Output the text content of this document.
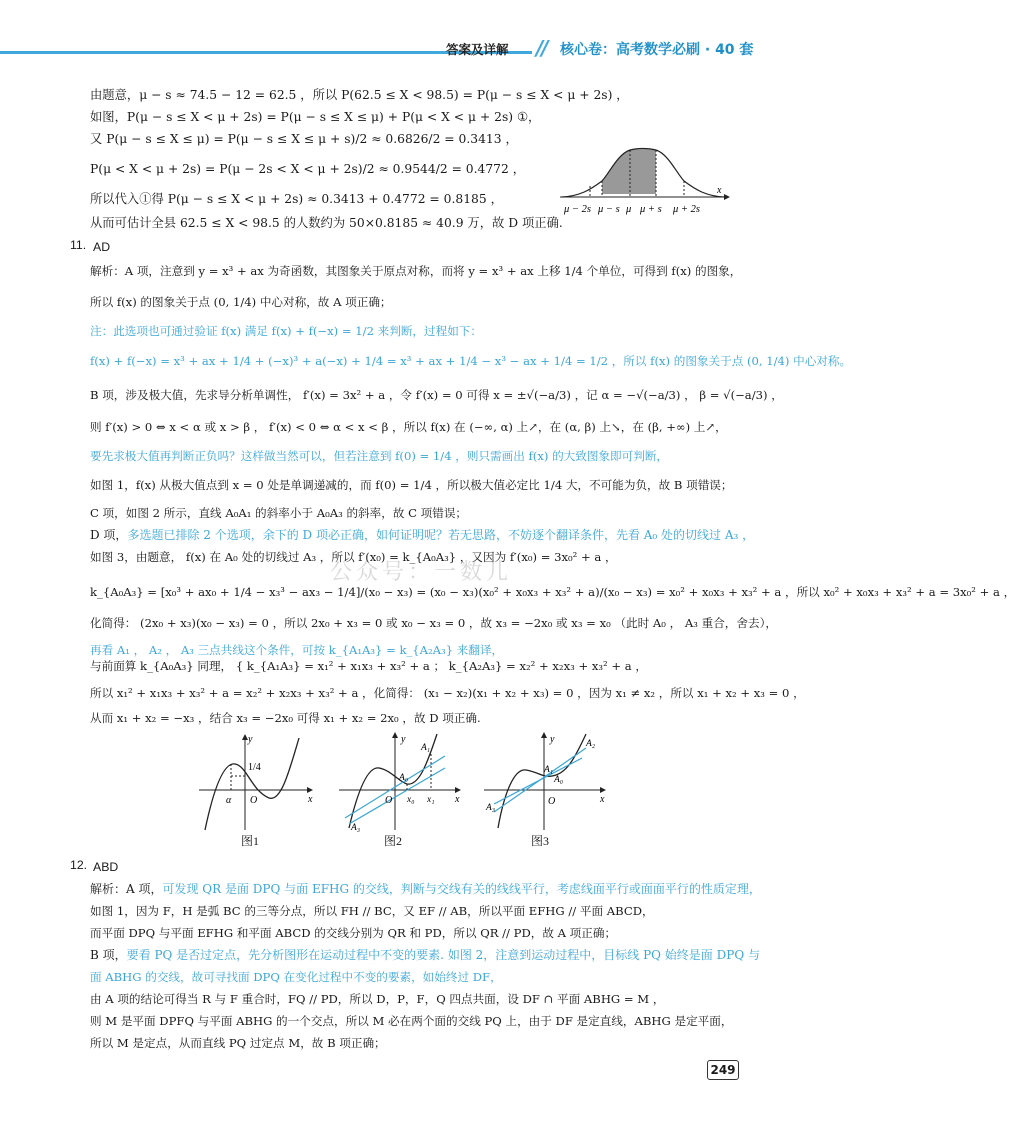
答案及详解 // 核心卷：高考数学必刷 · 40 套
公众号：一数儿
由题意，μ − s ≈ 74.5 − 12 = 62.5 ，所以 P(62.5 ≤ X < 98.5) = P(μ − s ≤ X < μ + 2s) ，
如图，P(μ − s ≤ X < μ + 2s) = P(μ − s ≤ X ≤ μ) + P(μ < X < μ + 2s) ①，
又 P(μ − s ≤ X ≤ μ) = P(μ − s ≤ X ≤ μ + s)/2 ≈ 0.6826/2 = 0.3413 ，
P(μ < X < μ + 2s) = P(μ − 2s < X < μ + 2s)/2 ≈ 0.9544/2 = 0.4772 ，
所以代入①得 P(μ − s ≤ X < μ + 2s) ≈ 0.3413 + 0.4772 = 0.8185 ，
从而可估计全县 62.5 ≤ X < 98.5 的人数约为 50×0.8185 ≈ 40.9 万，故 D 项正确.
x
μ − 2s μ − s μ μ + s μ + 2s
11. AD
解析：A 项，注意到 y = x³ + ax 为奇函数，其图象关于原点对称，而将 y = x³ + ax 上移 1/4 个单位，可得到 f(x) 的图象，
所以 f(x) 的图象关于点 (0, 1/4) 中心对称，故 A 项正确；
注：此选项也可通过验证 f(x) 满足 f(x) + f(−x) = 1/2 来判断，过程如下：
f(x) + f(−x) = x³ + ax + 1/4 + (−x)³ + a(−x) + 1/4 = x³ + ax + 1/4 − x³ − ax + 1/4 = 1/2 ，所以 f(x) 的图象关于点 (0, 1/4) 中心对称。
B 项，涉及极大值，先求导分析单调性， f′(x) = 3x² + a ，令 f′(x) = 0 可得 x = ±√(−a/3) ，记 α = −√(−a/3) ， β = √(−a/3) ，
则 f′(x) > 0 ⇔ x < α 或 x > β ， f′(x) < 0 ⇔ α < x < β ，所以 f(x) 在 (−∞, α) 上↗，在 (α, β) 上↘，在 (β, +∞) 上↗，
要先求极大值再判断正负吗？这样做当然可以，但若注意到 f(0) = 1/4 ，则只需画出 f(x) 的大致图象即可判断，
如图 1，f(x) 从极大值点到 x = 0 处是单调递减的，而 f(0) = 1/4 ，所以极大值必定比 1/4 大，不可能为负，故 B 项错误；
C 项，如图 2 所示，直线 A₀A₁ 的斜率小于 A₀A₃ 的斜率，故 C 项错误；
D 项，多选题已排除 2 个选项，余下的 D 项必正确，如何证明呢？若无思路，不妨逐个翻译条件，先看 A₀ 处的切线过 A₃ ，
如图 3，由题意， f(x) 在 A₀ 处的切线过 A₃ ，所以 f′(x₀) = k_{A₀A₃} ，又因为 f′(x₀) = 3x₀² + a ，
k_{A₀A₃} = [x₀³ + ax₀ + 1/4 − x₃³ − ax₃ − 1/4]/(x₀ − x₃) = (x₀ − x₃)(x₀² + x₀x₃ + x₃² + a)/(x₀ − x₃) = x₀² + x₀x₃ + x₃² + a ，所以 x₀² + x₀x₃ + x₃² + a = 3x₀² + a ，
化简得： (2x₀ + x₃)(x₀ − x₃) = 0 ，所以 2x₀ + x₃ = 0 或 x₀ − x₃ = 0 ，故 x₃ = −2x₀ 或 x₃ = x₀ （此时 A₀ ， A₃ 重合，舍去），
再看 A₁ ， A₂ ， A₃ 三点共线这个条件，可按 k_{A₁A₃} = k_{A₂A₃} 来翻译，
与前面算 k_{A₀A₃} 同理， { k_{A₁A₃} = x₁² + x₁x₃ + x₃² + a ； k_{A₂A₃} = x₂² + x₂x₃ + x₃² + a ，
所以 x₁² + x₁x₃ + x₃² + a = x₂² + x₂x₃ + x₃² + a ，化简得： (x₁ − x₂)(x₁ + x₂ + x₃) = 0 ，因为 x₁ ≠ x₂ ，所以 x₁ + x₂ + x₃ = 0 ，
从而 x₁ + x₂ = −x₃ ，结合 x₃ = −2x₀ 可得 x₁ + x₂ = 2x₀ ，故 D 项正确.
y
x
O
α
1/4
图1
y
x
O
A₀
A₁
A₃
x₀ x₁
图2
y
x
O
A₀
A₁
A₂
A₃
图3
12. ABD
解析：A 项，可发现 QR 是面 DPQ 与面 EFHG 的交线，判断与交线有关的线线平行，考虑线面平行或面面平行的性质定理，
如图 1，因为 F，H 是弧 BC 的三等分点，所以 FH // BC，又 EF // AB，所以平面 EFHG // 平面 ABCD，
而平面 DPQ 与平面 EFHG 和平面 ABCD 的交线分别为 QR 和 PD，所以 QR // PD，故 A 项正确；
B 项，要看 PQ 是否过定点，先分析图形在运动过程中不变的要素. 如图 2，注意到运动过程中，目标线 PQ 始终是面 DPQ 与
面 ABHG 的交线，故可寻找面 DPQ 在变化过程中不变的要素，如始终过 DF，
由 A 项的结论可得当 R 与 F 重合时，FQ // PD，所以 D，P，F，Q 四点共面，设 DF ∩ 平面 ABHG = M ，
则 M 是平面 DPFQ 与平面 ABHG 的一个交点，所以 M 必在两个面的交线 PQ 上，由于 DF 是定直线，ABHG 是定平面，
所以 M 是定点，从而直线 PQ 过定点 M，故 B 项正确；
249
